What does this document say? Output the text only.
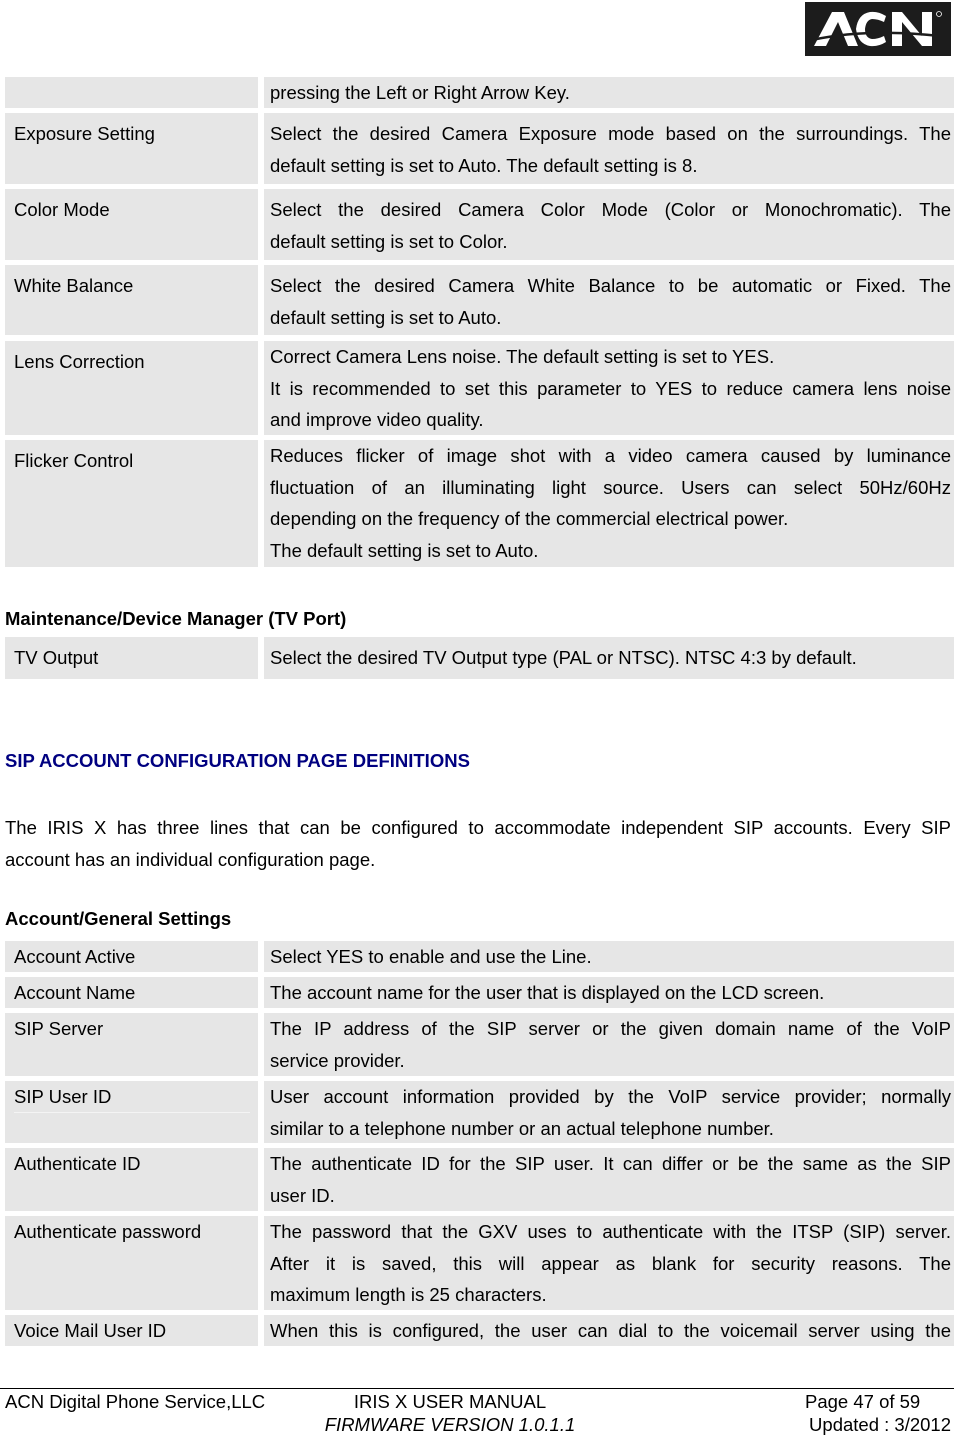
pressing the Left or Right Arrow Key.
Exposure Setting	Select the desired Camera Exposure mode based on the surroundings. The
default setting is set to Auto. The default setting is 8.
Color Mode	Select the desired Camera Color Mode (Color or Monochromatic). The
default setting is set to Color.
White Balance	Select the desired Camera White Balance to be automatic or Fixed. The
default setting is set to Auto.
Lens Correction	Correct Camera Lens noise. The default setting is set to YES.
It is recommended to set this parameter to YES to reduce camera lens noise
and improve video quality.
Flicker Control	Reduces flicker of image shot with a video camera caused by luminance
fluctuation of an illuminating light source. Users can select 50Hz/60Hz
depending on the frequency of the commercial electrical power.
The default setting is set to Auto.
Maintenance/Device Manager (TV Port)
TV Output	Select the desired TV Output type (PAL or NTSC). NTSC 4:3 by default.
SIP ACCOUNT CONFIGURATION PAGE DEFINITIONS
The IRIS X has three lines that can be configured to accommodate independent SIP accounts. Every SIP
account has an individual configuration page.
Account/General Settings
Account Active	Select YES to enable and use the Line.
Account Name	The account name for the user that is displayed on the LCD screen.
SIP Server	The IP address of the SIP server or the given domain name of the VoIP
service provider.
SIP User ID	User account information provided by the VoIP service provider; normally
similar to a telephone number or an actual telephone number.
Authenticate ID	The authenticate ID for the SIP user. It can differ or be the same as the SIP
user ID.
Authenticate password	The password that the GXV uses to authenticate with the ITSP (SIP) server.
After it is saved, this will appear as blank for security reasons. The
maximum length is 25 characters.
Voice Mail User ID	When this is configured, the user can dial to the voicemail server using the
ACN Digital Phone Service,LLC	IRIS X USER MANUAL
FIRMWARE VERSION 1.0.1.1
Page 47 of 59
Updated : 3/2012
